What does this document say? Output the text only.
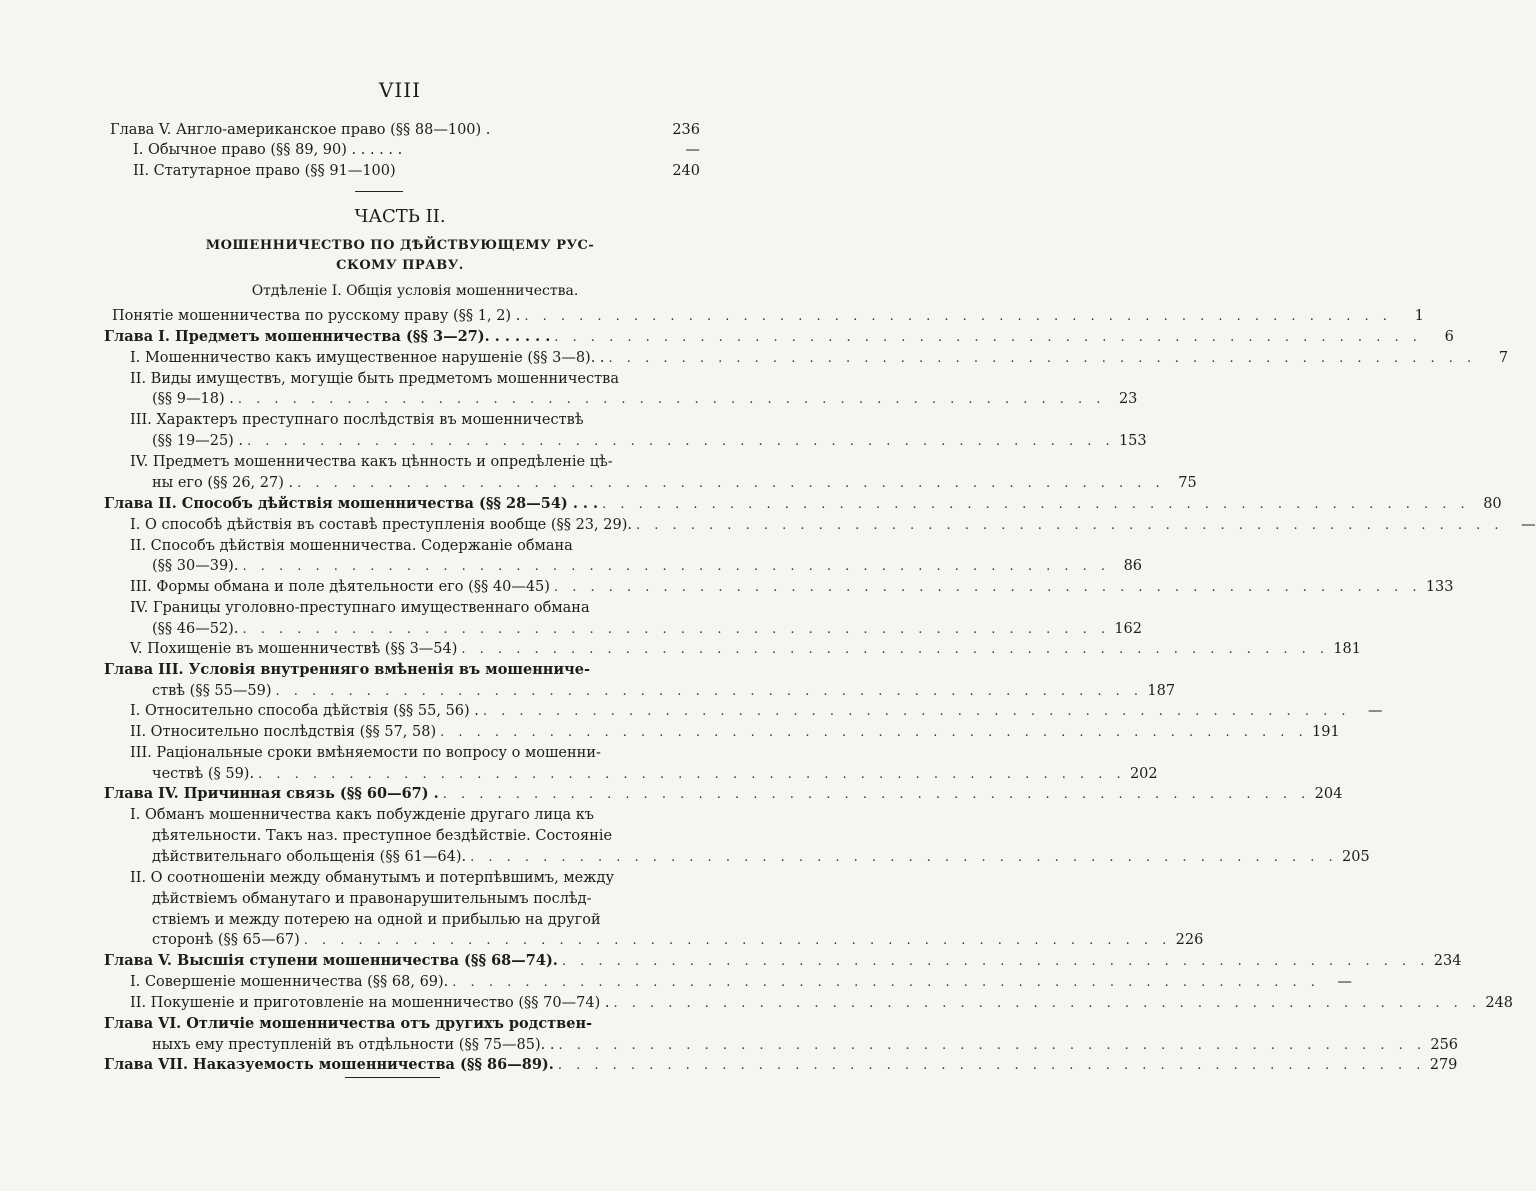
VIII
Глава V. Англо-американское право (§§ 88—100) .	236
I. Обычное право (§§ 89, 90) . . . . . .	—
II. Статутарное право (§§ 91—100)	240
ЧАСТЬ II.
МОШЕННИЧЕСТВО ПО ДѢЙСТВУЮЩЕМУ РУС-
СКОМУ ПРАВУ.
Отдѣленіе I. Общія условія мошенничества.
Понятіе мошенничества по русскому праву (§§ 1, 2) . . . . . . . . . . . . . . . . . . . . . . . . . . . . . . . . . . . . . . . . . . . . . . . . .	1
Глава I. Предметъ мошенничества (§§ 3—27). . . . . . . . . . . . . . . . . . . . . . . . . . . . . . . . . . . . . . . . . . . . . . . . . . . . . . .	6
I. Мошенничество какъ имущественное нарушеніе (§§ 3—8). . . . . . . . . . . . . . . . . . . . . . . . . . . . . . . . . . . . . . . . . . . . . . . . . .	7
II. Виды имуществъ, могущіе быть предметомъ мошенничества
(§§ 9—18) . . . . . . . . . . . . . . . . . . . . . . . . . . . . . . . . . . . . . . . . . . . . . . . . . 23
III. Характеръ преступнаго послѣдствія въ мошенничествѣ
(§§ 19—25) . . . . . . . . . . . . . . . . . . . . . . . . . . . . . . . . . . . . . . . . . . . . . . . . . 153
IV. Предметъ мошенничества какъ цѣнность и опредѣленіе цѣ-
ны его (§§ 26, 27) . . . . . . . . . . . . . . . . . . . . . . . . . . . . . . . . . . . . . . . . . . . . . . . . . 75
Глава II. Способъ дѣйствія мошенничества (§§ 28—54) . . . . . . . . . . . . . . . . . . . . . . . . . . . . . . . . . . . . . . . . . . . . . . . . . . . 80
I. О способѣ дѣйствія въ составѣ преступленія вообще (§§ 23, 29). . . . . . . . . . . . . . . . . . . . . . . . . . . . . . . . . . . . . . . . . . . . . . . . .	—
II. Способъ дѣйствія мошенничества. Содержаніе обмана
(§§ 30—39). . . . . . . . . . . . . . . . . . . . . . . . . . . . . . . . . . . . . . . . . . . . . . . . . 86
III. Формы обмана и поле дѣятельности его (§§ 40—45) . . . . . . . . . . . . . . . . . . . . . . . . . . . . . . . . . . . . . . . . . . . . . . . . 133
IV. Границы уголовно-преступнаго имущественнаго обмана
(§§ 46—52). . . . . . . . . . . . . . . . . . . . . . . . . . . . . . . . . . . . . . . . . . . . . . . . . 162
V. Похищеніе въ мошенничествѣ (§§ 3—54) . . . . . . . . . . . . . . . . . . . . . . . . . . . . . . . . . . . . . . . . . . . . . . . . 181
Глава III. Условія внутренняго вмѣненія въ мошенниче-
ствѣ (§§ 55—59) . . . . . . . . . . . . . . . . . . . . . . . . . . . . . . . . . . . . . . . . . . . . . . . . 187
I. Относительно способа дѣйствія (§§ 55, 56) . . . . . . . . . . . . . . . . . . . . . . . . . . . . . . . . . . . . . . . . . . . . . . . . .	—
II. Относительно послѣдствія (§§ 57, 58) . . . . . . . . . . . . . . . . . . . . . . . . . . . . . . . . . . . . . . . . . . . . . . . . 191
III. Раціональные сроки вмѣняемости по вопросу о мошенни-
чествѣ (§ 59). . . . . . . . . . . . . . . . . . . . . . . . . . . . . . . . . . . . . . . . . . . . . . . . . 202
Глава IV. Причинная связь (§§ 60—67) . . . . . . . . . . . . . . . . . . . . . . . . . . . . . . . . . . . . . . . . . . . . . . . . . 204
I. Обманъ мошенничества какъ побужденіе другаго лица къ
дѣятельности. Такъ наз. преступное бездѣйствіе. Состояніе
дѣйствительнаго обольщенія (§§ 61—64). . . . . . . . . . . . . . . . . . . . . . . . . . . . . . . . . . . . . . . . . . . . . . . . . 205
II. О соотношеніи между обманутымъ и потерпѣвшимъ, между
дѣйствіемъ обманутаго и правонарушительнымъ послѣд-
ствіемъ и между потерею на одной и прибылью на другой
сторонѣ (§§ 65—67) . . . . . . . . . . . . . . . . . . . . . . . . . . . . . . . . . . . . . . . . . . . . . . . . 226
Глава V. Высшія ступени мошенничества (§§ 68—74). . . . . . . . . . . . . . . . . . . . . . . . . . . . . . . . . . . . . . . . . . . . . . . . . 234
I. Совершеніе мошенничества (§§ 68, 69). . . . . . . . . . . . . . . . . . . . . . . . . . . . . . . . . . . . . . . . . . . . . . . . .	—
II. Покушеніе и приготовленіе на мошенничество (§§ 70—74) . . . . . . . . . . . . . . . . . . . . . . . . . . . . . . . . . . . . . . . . . . . . . . . . . 248
Глава VI. Отличіе мошенничества отъ другихъ родствен-
ныхъ ему преступленій въ отдѣльности (§§ 75—85). . . . . . . . . . . . . . . . . . . . . . . . . . . . . . . . . . . . . . . . . . . . . . . . . . 256
Глава VII. Наказуемость мошенничества (§§ 86—89). . . . . . . . . . . . . . . . . . . . . . . . . . . . . . . . . . . . . . . . . . . . . . . . . 279
